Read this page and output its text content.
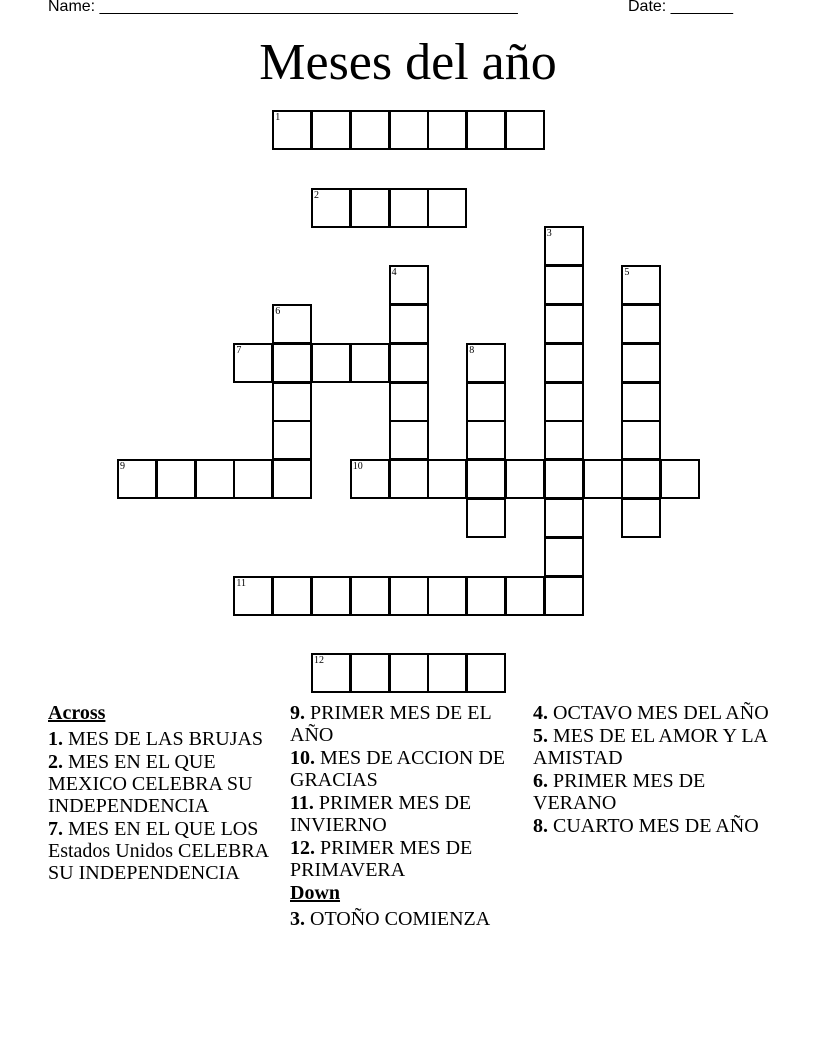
Name: _______________________________________________	Date: _______
Meses del año
1
2
3
4	5
6
7	8
9	10
11
12
Across
1. MES DE LAS BRUJAS
2. MES EN EL QUE MEXICO CELEBRA SU INDEPENDENCIA
7. MES EN EL QUE LOS Estados Unidos CELEBRA SU INDEPENDENCIA
9. PRIMER MES DE EL AÑO
10. MES DE ACCION DE GRACIAS
11. PRIMER MES DE INVIERNO
12. PRIMER MES DE PRIMAVERA
Down
3. OTOÑO COMIENZA
4. OCTAVO MES DEL AÑO
5. MES DE EL AMOR Y LA AMISTAD
6. PRIMER MES DE VERANO
8. CUARTO MES DE AÑO
